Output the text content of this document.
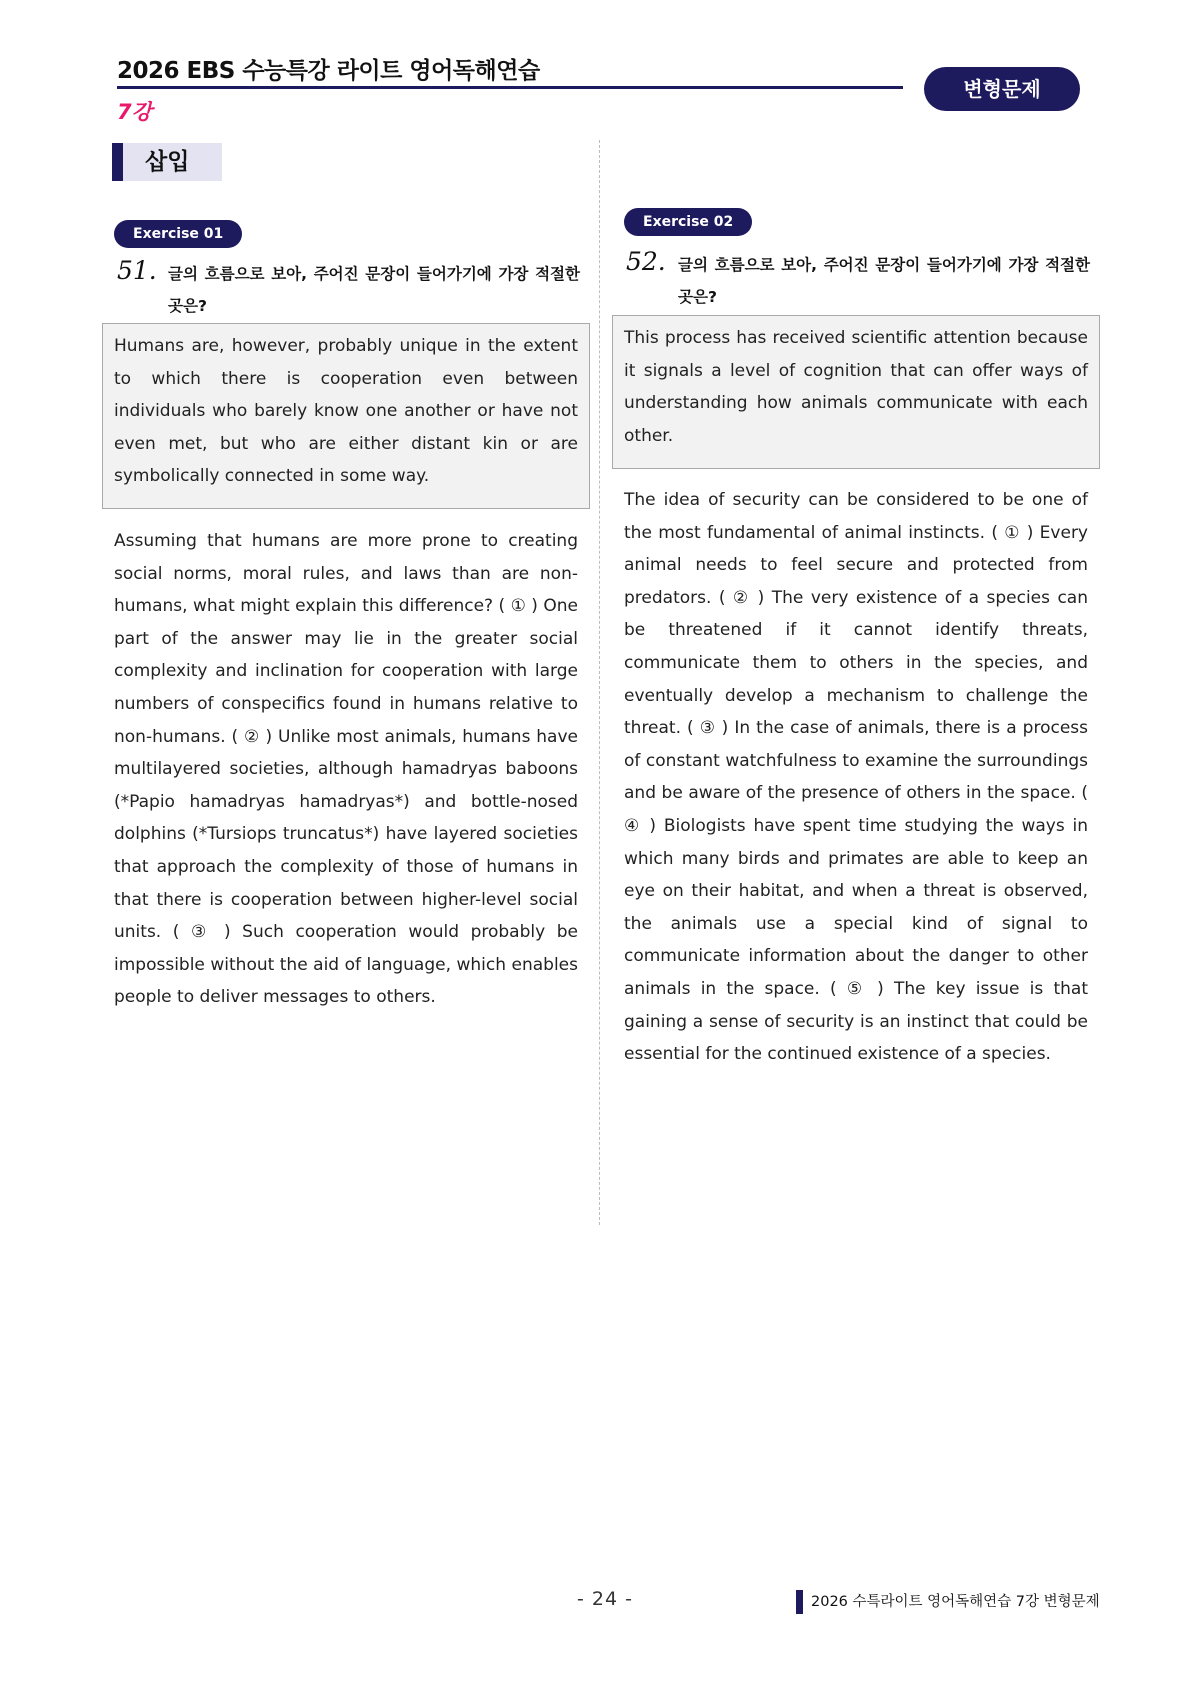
2026 EBS 수능특강 라이트 영어독해연습
7강
변형문제
삽입
Exercise 01
51. 글의 흐름으로 보아, 주어진 문장이 들어가기에 가장 적절한 곳은?
Humans are, however, probably unique in the extent to which there is cooperation even between individuals who barely know one another or have not even met, but who are either distant kin or are symbolically connected in some way.
Assuming that humans are more prone to creating social norms, moral rules, and laws than are non-humans, what might explain this difference? ( ① ) One part of the answer may lie in the greater social complexity and inclination for cooperation with large numbers of conspecifics found in humans relative to non-humans. ( ② ) Unlike most animals, humans have multilayered societies, although hamadryas baboons (*Papio hamadryas hamadryas*) and bottle-nosed dolphins (*Tursiops truncatus*) have layered societies that approach the complexity of those of humans in that there is cooperation between higher-level social units. ( ③ ) Such cooperation would probably be impossible without the aid of language, which enables people to deliver messages to others.
Exercise 02
52. 글의 흐름으로 보아, 주어진 문장이 들어가기에 가장 적절한 곳은?
This process has received scientific attention because it signals a level of cognition that can offer ways of understanding how animals communicate with each other.
The idea of security can be considered to be one of the most fundamental of animal instincts. ( ① ) Every animal needs to feel secure and protected from predators. ( ② ) The very existence of a species can be threatened if it cannot identify threats, communicate them to others in the species, and eventually develop a mechanism to challenge the threat. ( ③ ) In the case of animals, there is a process of constant watchfulness to examine the surroundings and be aware of the presence of others in the space. ( ④ ) Biologists have spent time studying the ways in which many birds and primates are able to keep an eye on their habitat, and when a threat is observed, the animals use a special kind of signal to communicate information about the danger to other animals in the space. ( ⑤ ) The key issue is that gaining a sense of security is an instinct that could be essential for the continued existence of a species.
- 24 -	2026 수특라이트 영어독해연습 7강 변형문제
